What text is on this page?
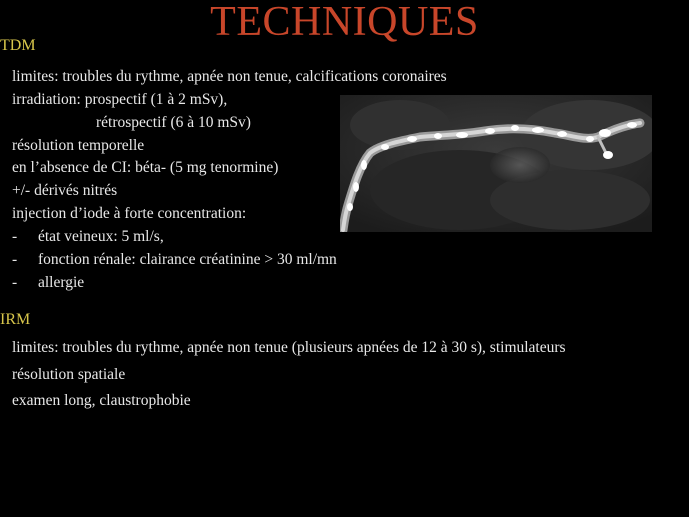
TECHNIQUES
TDM
limites: troubles du rythme, apnée non tenue, calcifications coronaires
irradiation: prospectif (1 à 2 mSv),
rétrospectif (6 à 10 mSv)
résolution temporelle
en l’absence de CI: béta- (5 mg tenormine)
+/- dérivés nitrés
injection d’iode à forte concentration:
- état veineux: 5 ml/s,
- fonction rénale: clairance créatinine > 30 ml/mn
- allergie
IRM
limites: troubles du rythme, apnée non tenue (plusieurs apnées de 12 à 30 s), stimulateurs
résolution spatiale
examen long, claustrophobie
